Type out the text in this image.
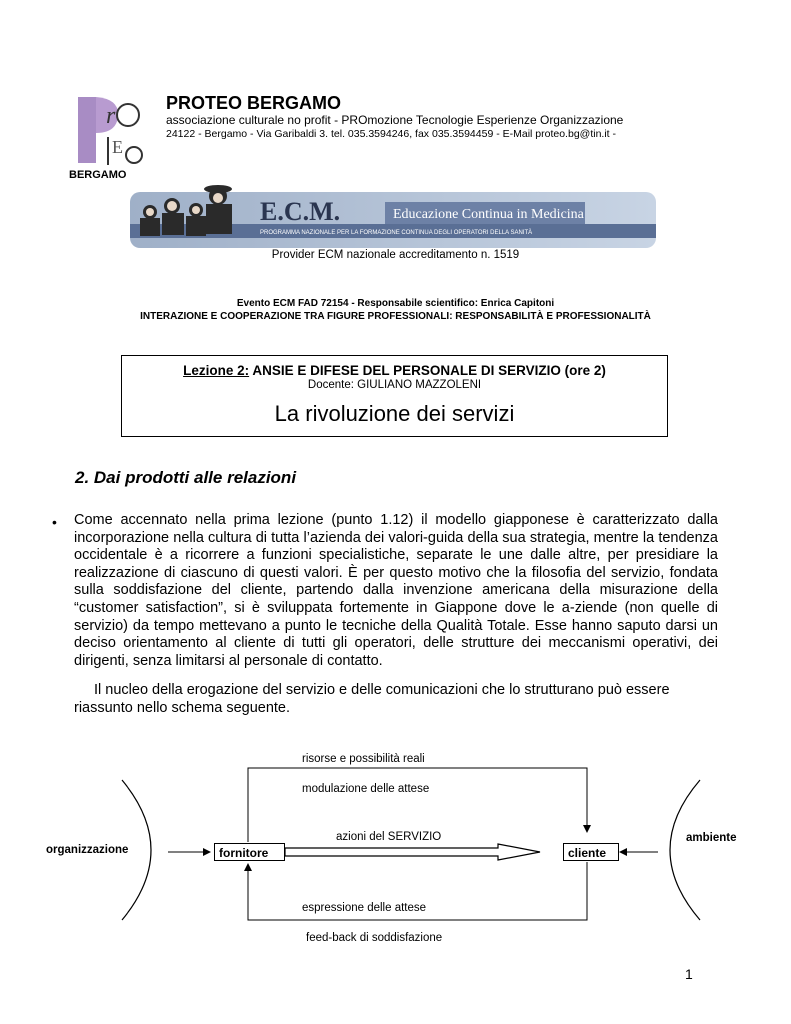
r
E
BERGAMO
PROTEO BERGAMO
associazione culturale no profit - PROmozione Tecnologie Esperienze Organizzazione
24122 - Bergamo - Via Garibaldi 3. tel. 035.3594246, fax 035.3594459 - E-Mail proteo.bg@tin.it -
E.C.M.	Educazione Continua in Medicina
PROGRAMMA NAZIONALE PER LA FORMAZIONE CONTINUA DEGLI OPERATORI DELLA SANITÀ
Provider ECM nazionale accreditamento n. 1519
Evento ECM FAD 72154 - Responsabile scientifico: Enrica Capitoni
INTERAZIONE E COOPERAZIONE TRA FIGURE PROFESSIONALI: RESPONSABILITÀ E PROFESSIONALITÀ
Lezione 2: ANSIE E DIFESE DEL PERSONALE DI SERVIZIO (ore 2)
Docente: GIULIANO MAZZOLENI
La rivoluzione dei servizi
2. Dai prodotti alle relazioni
• Come accennato nella prima lezione (punto 1.12) il modello giapponese è caratterizzato dalla incorporazione nella cultura di tutta l’azienda dei valori-guida della sua strategia, mentre la tendenza occidentale è a ricorrere a funzioni specialistiche, separate le une dalle altre, per presidiare la realizzazione di ciascuno di questi valori. È per questo motivo che la filosofia del servizio, fondata sulla soddisfazione del cliente, partendo dalla invenzione americana della misurazione della “customer satisfaction”, si è sviluppata fortemente in Giappone dove le a-ziende (non quelle di servizio) da tempo mettevano a punto le tecniche della Qualità Totale. Esse hanno saputo darsi un deciso orientamento al cliente di tutti gli operatori, delle strutture dei meccanismi operativi, dei dirigenti, senza limitarsi al personale di contatto.
Il nucleo della erogazione del servizio e delle comunicazioni che lo strutturano può essere riassunto nello schema seguente.
risorse e possibilità reali
modulazione delle attese
azioni del SERVIZIO
espressione delle attese
feed-back di soddisfazione
organizzazione
ambiente
fornitore	cliente
1
